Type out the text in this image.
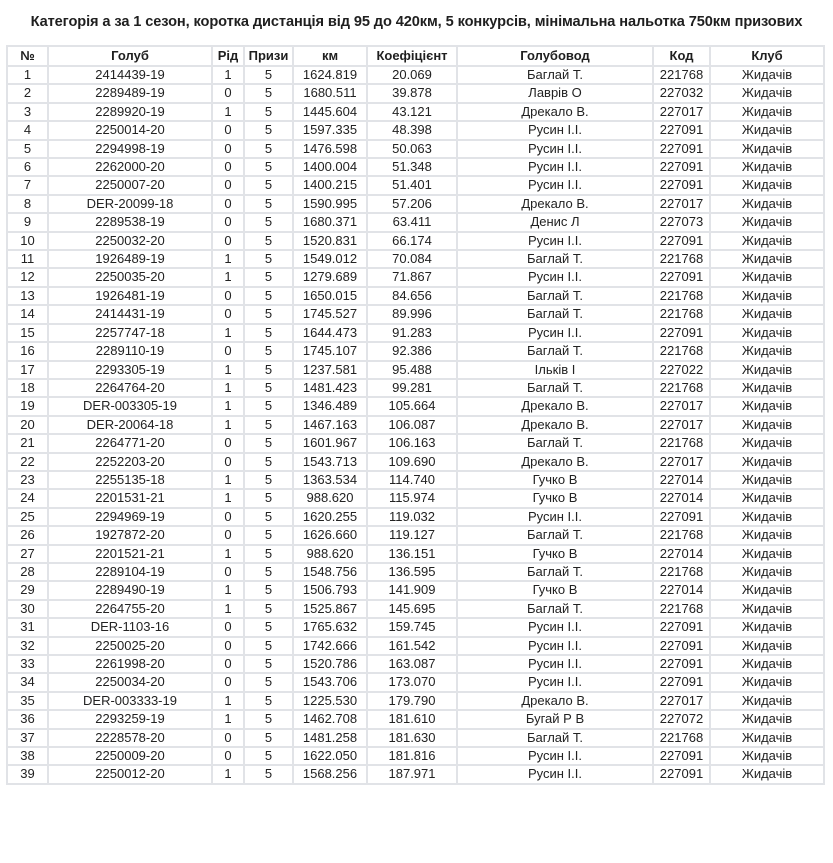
Категорія а за 1 сезон, коротка дистанція від 95 до 420км, 5 конкурсів, мінімальна нальотка 750км призових
№	Голуб	Рід	Призи	км	Коефіцієнт	Голубовод	Код	Клуб
1	2414439-19	1	5	1624.819	20.069	Баглай Т.	221768	Жидачів
2	2289489-19	0	5	1680.511	39.878	Лаврів О	227032	Жидачів
3	2289920-19	1	5	1445.604	43.121	Дрекало В.	227017	Жидачів
4	2250014-20	0	5	1597.335	48.398	Русин І.І.	227091	Жидачів
5	2294998-19	0	5	1476.598	50.063	Русин І.І.	227091	Жидачів
6	2262000-20	0	5	1400.004	51.348	Русин І.І.	227091	Жидачів
7	2250007-20	0	5	1400.215	51.401	Русин І.І.	227091	Жидачів
8	DER-20099-18	0	5	1590.995	57.206	Дрекало В.	227017	Жидачів
9	2289538-19	0	5	1680.371	63.411	Денис Л	227073	Жидачів
10	2250032-20	0	5	1520.831	66.174	Русин І.І.	227091	Жидачів
11	1926489-19	1	5	1549.012	70.084	Баглай Т.	221768	Жидачів
12	2250035-20	1	5	1279.689	71.867	Русин І.І.	227091	Жидачів
13	1926481-19	0	5	1650.015	84.656	Баглай Т.	221768	Жидачів
14	2414431-19	0	5	1745.527	89.996	Баглай Т.	221768	Жидачів
15	2257747-18	1	5	1644.473	91.283	Русин І.І.	227091	Жидачів
16	2289110-19	0	5	1745.107	92.386	Баглай Т.	221768	Жидачів
17	2293305-19	1	5	1237.581	95.488	Ільків І	227022	Жидачів
18	2264764-20	1	5	1481.423	99.281	Баглай Т.	221768	Жидачів
19	DER-003305-19	1	5	1346.489	105.664	Дрекало В.	227017	Жидачів
20	DER-20064-18	1	5	1467.163	106.087	Дрекало В.	227017	Жидачів
21	2264771-20	0	5	1601.967	106.163	Баглай Т.	221768	Жидачів
22	2252203-20	0	5	1543.713	109.690	Дрекало В.	227017	Жидачів
23	2255135-18	1	5	1363.534	114.740	Гучко В	227014	Жидачів
24	2201531-21	1	5	988.620	115.974	Гучко В	227014	Жидачів
25	2294969-19	0	5	1620.255	119.032	Русин І.І.	227091	Жидачів
26	1927872-20	0	5	1626.660	119.127	Баглай Т.	221768	Жидачів
27	2201521-21	1	5	988.620	136.151	Гучко В	227014	Жидачів
28	2289104-19	0	5	1548.756	136.595	Баглай Т.	221768	Жидачів
29	2289490-19	1	5	1506.793	141.909	Гучко В	227014	Жидачів
30	2264755-20	1	5	1525.867	145.695	Баглай Т.	221768	Жидачів
31	DER-1103-16	0	5	1765.632	159.745	Русин І.І.	227091	Жидачів
32	2250025-20	0	5	1742.666	161.542	Русин І.І.	227091	Жидачів
33	2261998-20	0	5	1520.786	163.087	Русин І.І.	227091	Жидачів
34	2250034-20	0	5	1543.706	173.070	Русин І.І.	227091	Жидачів
35	DER-003333-19	1	5	1225.530	179.790	Дрекало В.	227017	Жидачів
36	2293259-19	1	5	1462.708	181.610	Бугай Р В	227072	Жидачів
37	2228578-20	0	5	1481.258	181.630	Баглай Т.	221768	Жидачів
38	2250009-20	0	5	1622.050	181.816	Русин І.І.	227091	Жидачів
39	2250012-20	1	5	1568.256	187.971	Русин І.І.	227091	Жидачів
